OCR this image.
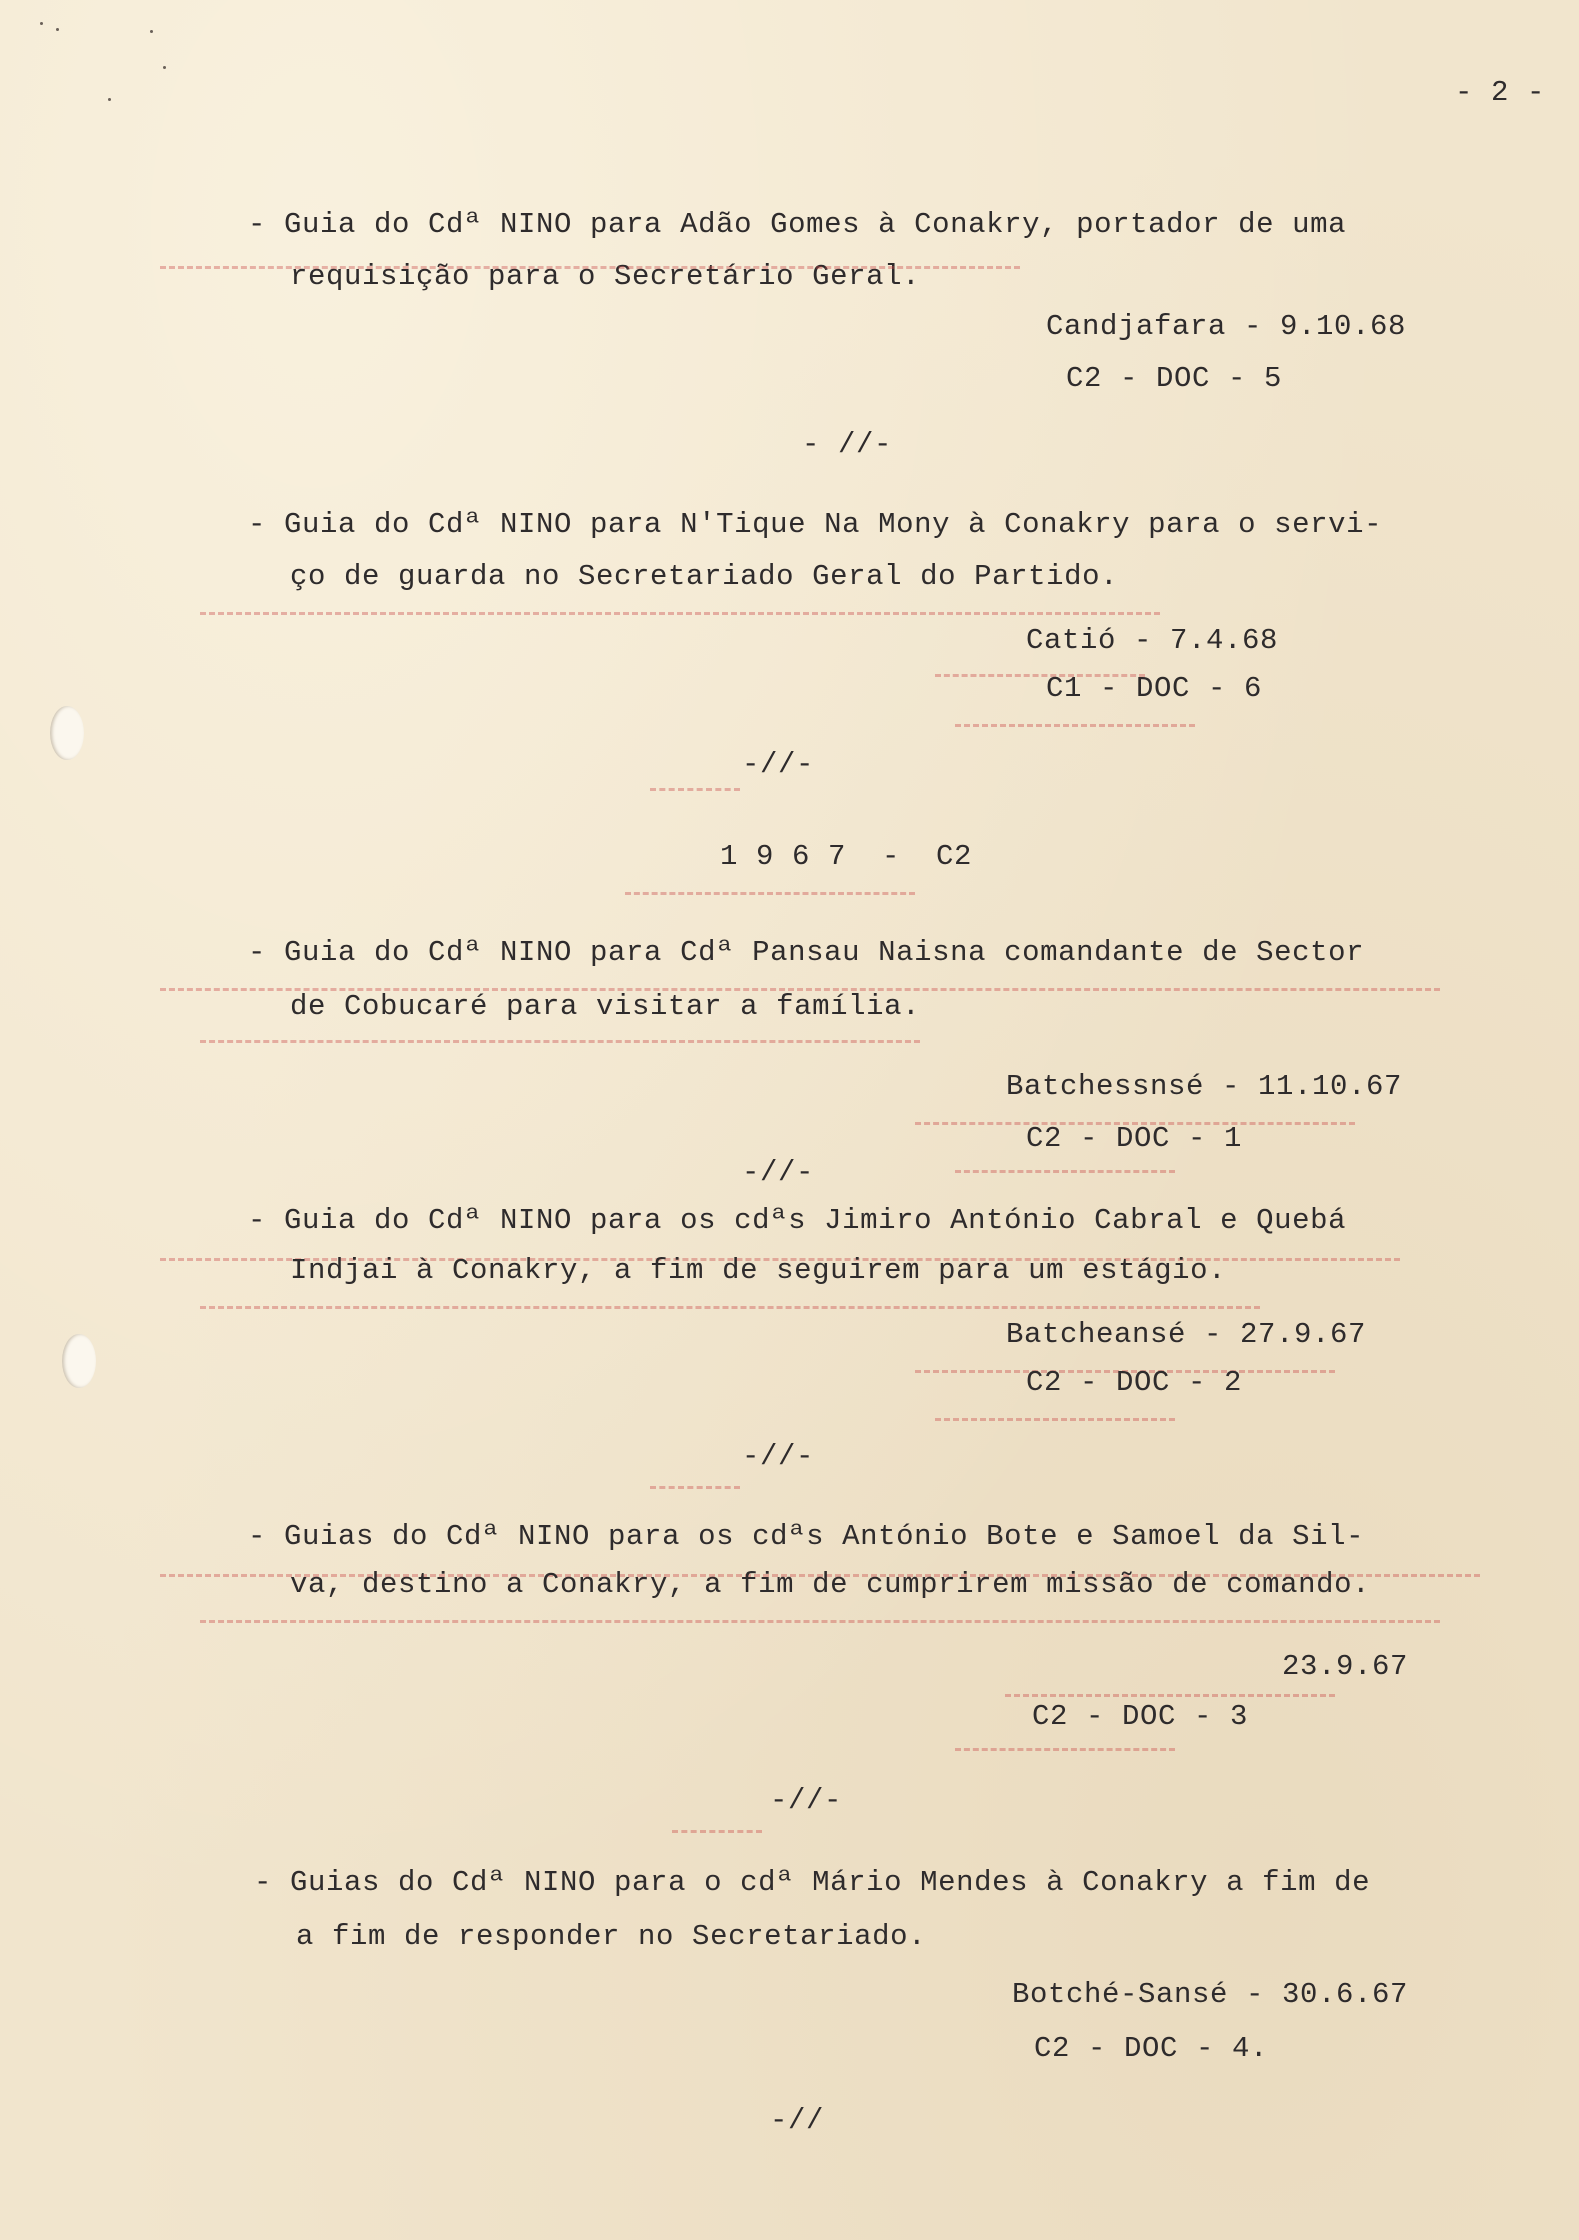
- 2 -
- Guia do Cdª NINO para Adão Gomes à Conakry, portador de uma
requisição para o Secretário Geral.
Candjafara - 9.10.68
C2 - DOC - 5
- //-
- Guia do Cdª NINO para N'Tique Na Mony à Conakry para o servi-
ço de guarda no Secretariado Geral do Partido.
Catió - 7.4.68
C1 - DOC - 6
-//-
1 9 6 7  -  C2
- Guia do Cdª NINO para Cdª Pansau Naisna comandante de Sector
de Cobucaré para visitar a família.
Batchessnsé - 11.10.67
C2 - DOC - 1
-//-
- Guia do Cdª NINO para os cdªs Jimiro António Cabral e Quebá
Indjai à Conakry, a fim de seguirem para um estágio.
Batcheansé - 27.9.67
C2 - DOC - 2
-//-
- Guias do Cdª NINO para os cdªs António Bote e Samoel da Sil-
va, destino a Conakry, a fim de cumprirem missão de comando.
23.9.67
C2 - DOC - 3
-//-
- Guias do Cdª NINO para o cdª Mário Mendes à Conakry a fim de
a fim de responder no Secretariado.
Botché-Sansé - 30.6.67
C2 - DOC - 4.
-//
